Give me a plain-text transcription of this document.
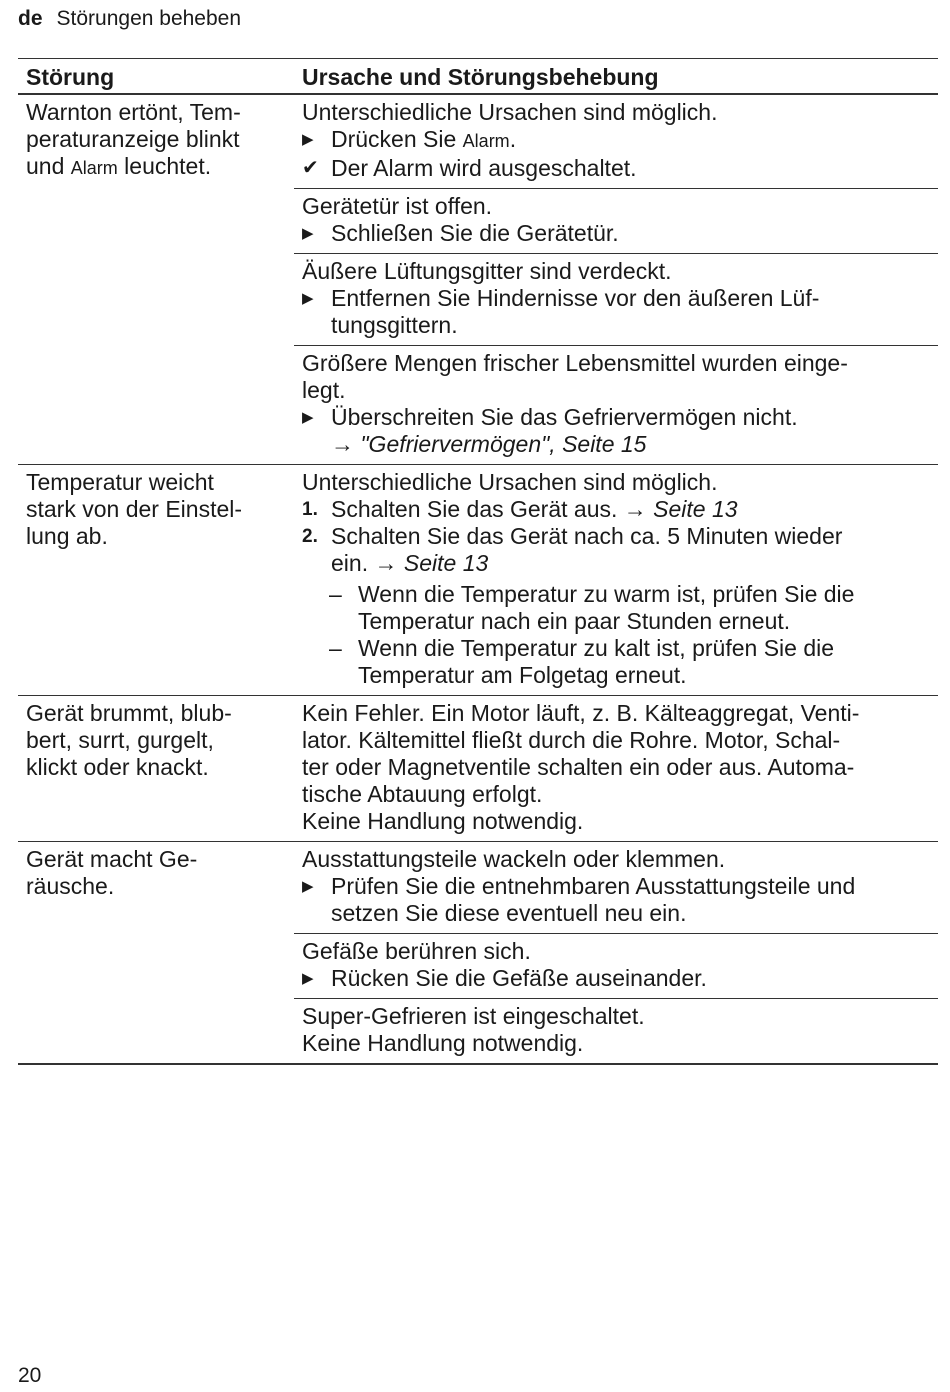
de Störungen beheben
Störung	Ursache und Störungsbehebung
Warnton ertönt, Tem-
peraturanzeige blinkt
und Alarm leuchtet.
Unterschiedliche Ursachen sind möglich.
▶ Drücken Sie Alarm.
✔ Der Alarm wird ausgeschaltet.
Gerätetür ist offen.
▶ Schließen Sie die Gerätetür.
Äußere Lüftungsgitter sind verdeckt.
▶ Entfernen Sie Hindernisse vor den äußeren Lüf-
tungsgittern.
Größere Mengen frischer Lebensmittel wurden einge-
legt.
▶ Überschreiten Sie das Gefriervermögen nicht.
→ "Gefriervermögen", Seite 15
Temperatur weicht
stark von der Einstel-
lung ab.
Unterschiedliche Ursachen sind möglich.
1. Schalten Sie das Gerät aus. → Seite 13
2. Schalten Sie das Gerät nach ca. 5 Minuten wieder
ein. → Seite 13
– Wenn die Temperatur zu warm ist, prüfen Sie die
Temperatur nach ein paar Stunden erneut.
– Wenn die Temperatur zu kalt ist, prüfen Sie die
Temperatur am Folgetag erneut.
Gerät brummt, blub-
bert, surrt, gurgelt,
klickt oder knackt.
Kein Fehler. Ein Motor läuft, z. B. Kälteaggregat, Venti-
lator. Kältemittel fließt durch die Rohre. Motor, Schal-
ter oder Magnetventile schalten ein oder aus. Automa-
tische Abtauung erfolgt.
Keine Handlung notwendig.
Gerät macht Ge-
räusche.
Ausstattungsteile wackeln oder klemmen.
▶ Prüfen Sie die entnehmbaren Ausstattungsteile und
setzen Sie diese eventuell neu ein.
Gefäße berühren sich.
▶ Rücken Sie die Gefäße auseinander.
Super-Gefrieren ist eingeschaltet.
Keine Handlung notwendig.
20
